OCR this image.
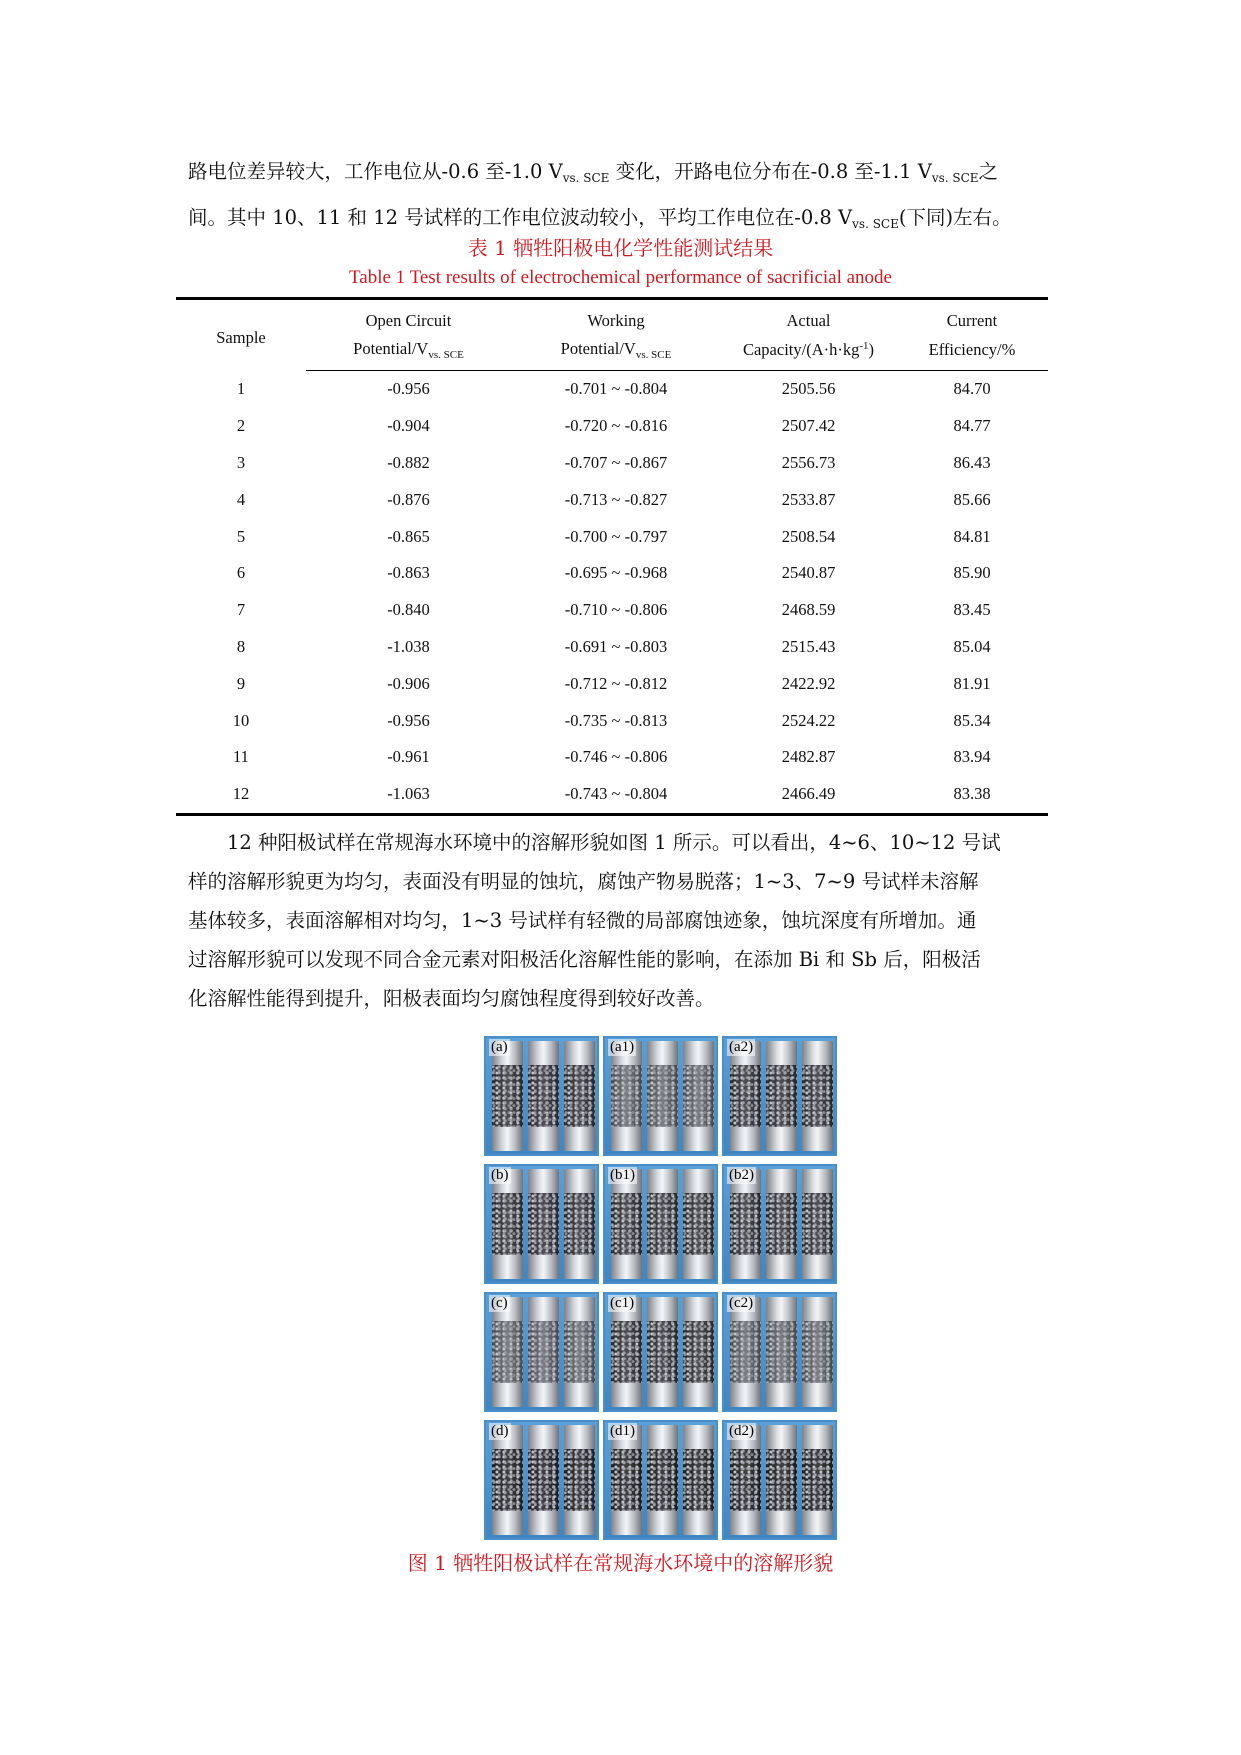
路电位差异较大，工作电位从-0.6 至-1.0 $V_{vs. SCE}$ 变化，开路电位分布在-0.8 至-1.1 $V_{vs. SCE}$之
间。其中 10、11 和 12 号试样的工作电位波动较小，平均工作电位在-0.8 $V_{vs. SCE}$(下同)左右。
表 1 牺牲阳极电化学性能测试结果
Table 1 Test results of electrochemical performance of sacrificial anode
Sample	Open Circuit	Working	Actual	Current
	Potential/$V_{vs. SCE}$	Potential/$V_{vs. SCE}$	Capacity/$(A\cdot h\cdot kg^{-1})$	Efficiency/%
1	-0.956	-0.701 ~ -0.804	2505.56	84.70
2	-0.904	-0.720 ~ -0.816	2507.42	84.77
3	-0.882	-0.707 ~ -0.867	2556.73	86.43
4	-0.876	-0.713 ~ -0.827	2533.87	85.66
5	-0.865	-0.700 ~ -0.797	2508.54	84.81
6	-0.863	-0.695 ~ -0.968	2540.87	85.90
7	-0.840	-0.710 ~ -0.806	2468.59	83.45
8	-1.038	-0.691 ~ -0.803	2515.43	85.04
9	-0.906	-0.712 ~ -0.812	2422.92	81.91
10	-0.956	-0.735 ~ -0.813	2524.22	85.34
11	-0.961	-0.746 ~ -0.806	2482.87	83.94
12	-1.063	-0.743 ~ -0.804	2466.49	83.38
12 种阳极试样在常规海水环境中的溶解形貌如图 1 所示。可以看出，4~6、10~12 号试
样的溶解形貌更为均匀，表面没有明显的蚀坑，腐蚀产物易脱落；1~3、7~9 号试样未溶解
基体较多，表面溶解相对均匀，1~3 号试样有轻微的局部腐蚀迹象，蚀坑深度有所增加。通
过溶解形貌可以发现不同合金元素对阳极活化溶解性能的影响，在添加 Bi 和 Sb 后，阳极活
化溶解性能得到提升，阳极表面均匀腐蚀程度得到较好改善。
(a)	(a1)	(a2)
(b)	(b1)	(b2)
(c)	(c1)	(c2)
(d)	(d1)	(d2)
图 1 牺牲阳极试样在常规海水环境中的溶解形貌
